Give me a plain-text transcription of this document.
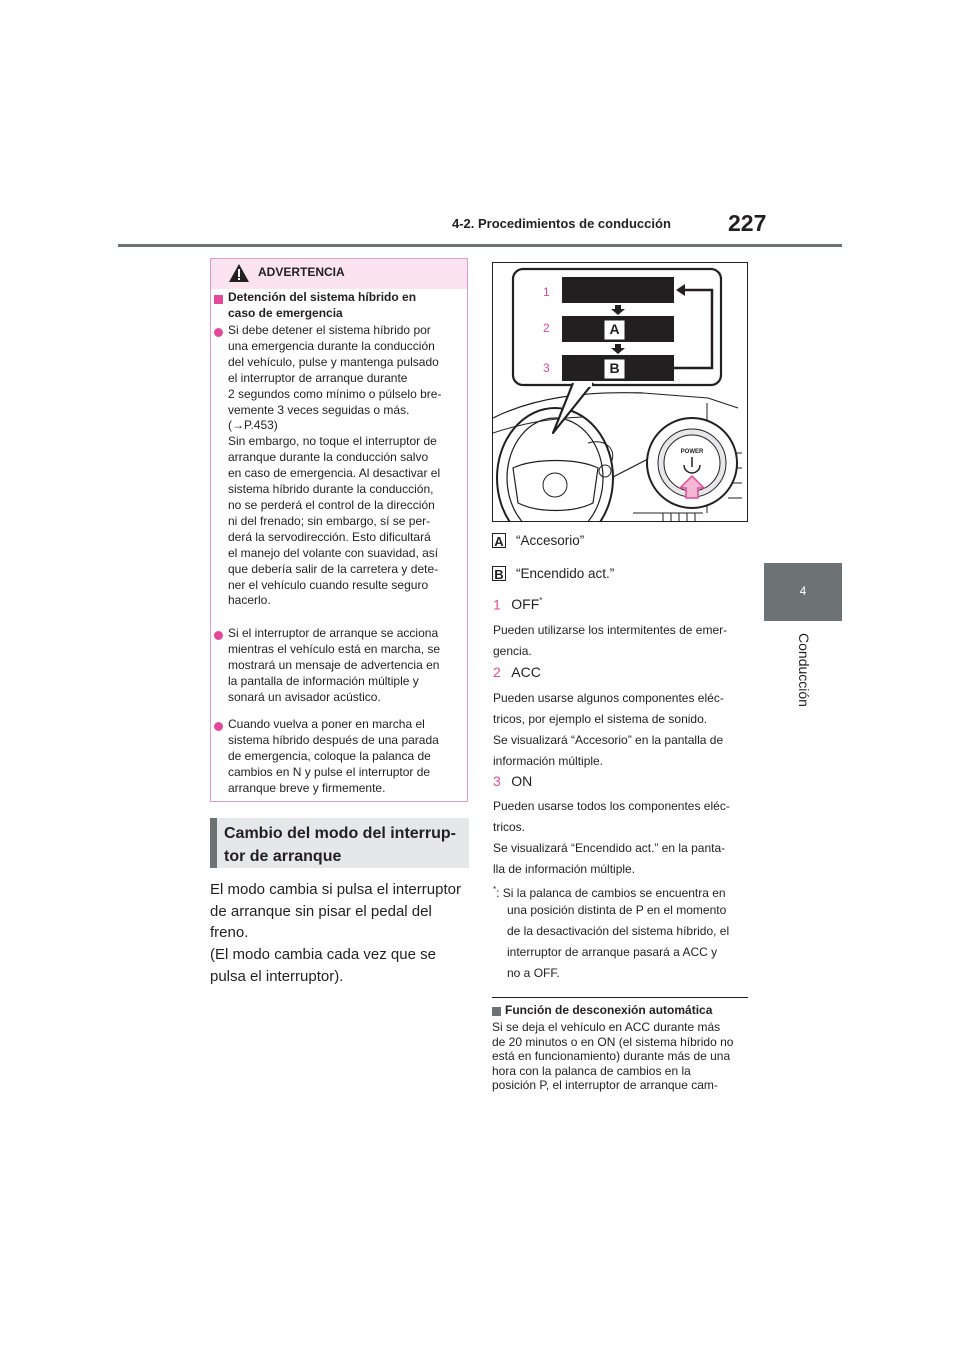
4-2. Procedimientos de conducción 227
4
Conducción
ADVERTENCIA
Detención del sistema híbrido en
caso de emergencia
Si debe detener el sistema híbrido por
una emergencia durante la conducción
del vehículo, pulse y mantenga pulsado
el interruptor de arranque durante
2 segundos como mínimo o púlselo bre-
vemente 3 veces seguidas o más.
(→P.453)
Sin embargo, no toque el interruptor de
arranque durante la conducción salvo
en caso de emergencia. Al desactivar el
sistema híbrido durante la conducción,
no se perderá el control de la dirección
ni del frenado; sin embargo, sí se per-
derá la servodirección. Esto dificultará
el manejo del volante con suavidad, así
que debería salir de la carretera y dete-
ner el vehículo cuando resulte seguro
hacerlo.
Si el interruptor de arranque se acciona
mientras el vehículo está en marcha, se
mostrará un mensaje de advertencia en
la pantalla de información múltiple y
sonará un avisador acústico.
Cuando vuelva a poner en marcha el
sistema híbrido después de una parada
de emergencia, coloque la palanca de
cambios en N y pulse el interruptor de
arranque breve y firmemente.
Cambio del modo del interrup-
tor de arranque
El modo cambia si pulsa el interruptor
de arranque sin pisar el pedal del freno.
(El modo cambia cada vez que se
pulsa el interruptor).
1
2
3
A
B
POWER
A “Accesorio”
B “Encendido act.”
1 OFF*
Pueden utilizarse los intermitentes de emer-
gencia.
2 ACC
Pueden usarse algunos componentes eléc-
tricos, por ejemplo el sistema de sonido.
Se visualizará “Accesorio” en la pantalla de
información múltiple.
3 ON
Pueden usarse todos los componentes eléc-
tricos.
Se visualizará “Encendido act.” en la panta-
lla de información múltiple.
*: Si la palanca de cambios se encuentra en
una posición distinta de P en el momento
de la desactivación del sistema híbrido, el
interruptor de arranque pasará a ACC y
no a OFF.
Función de desconexión automática
Si se deja el vehículo en ACC durante más
de 20 minutos o en ON (el sistema híbrido no
está en funcionamiento) durante más de una
hora con la palanca de cambios en la
posición P, el interruptor de arranque cam-
